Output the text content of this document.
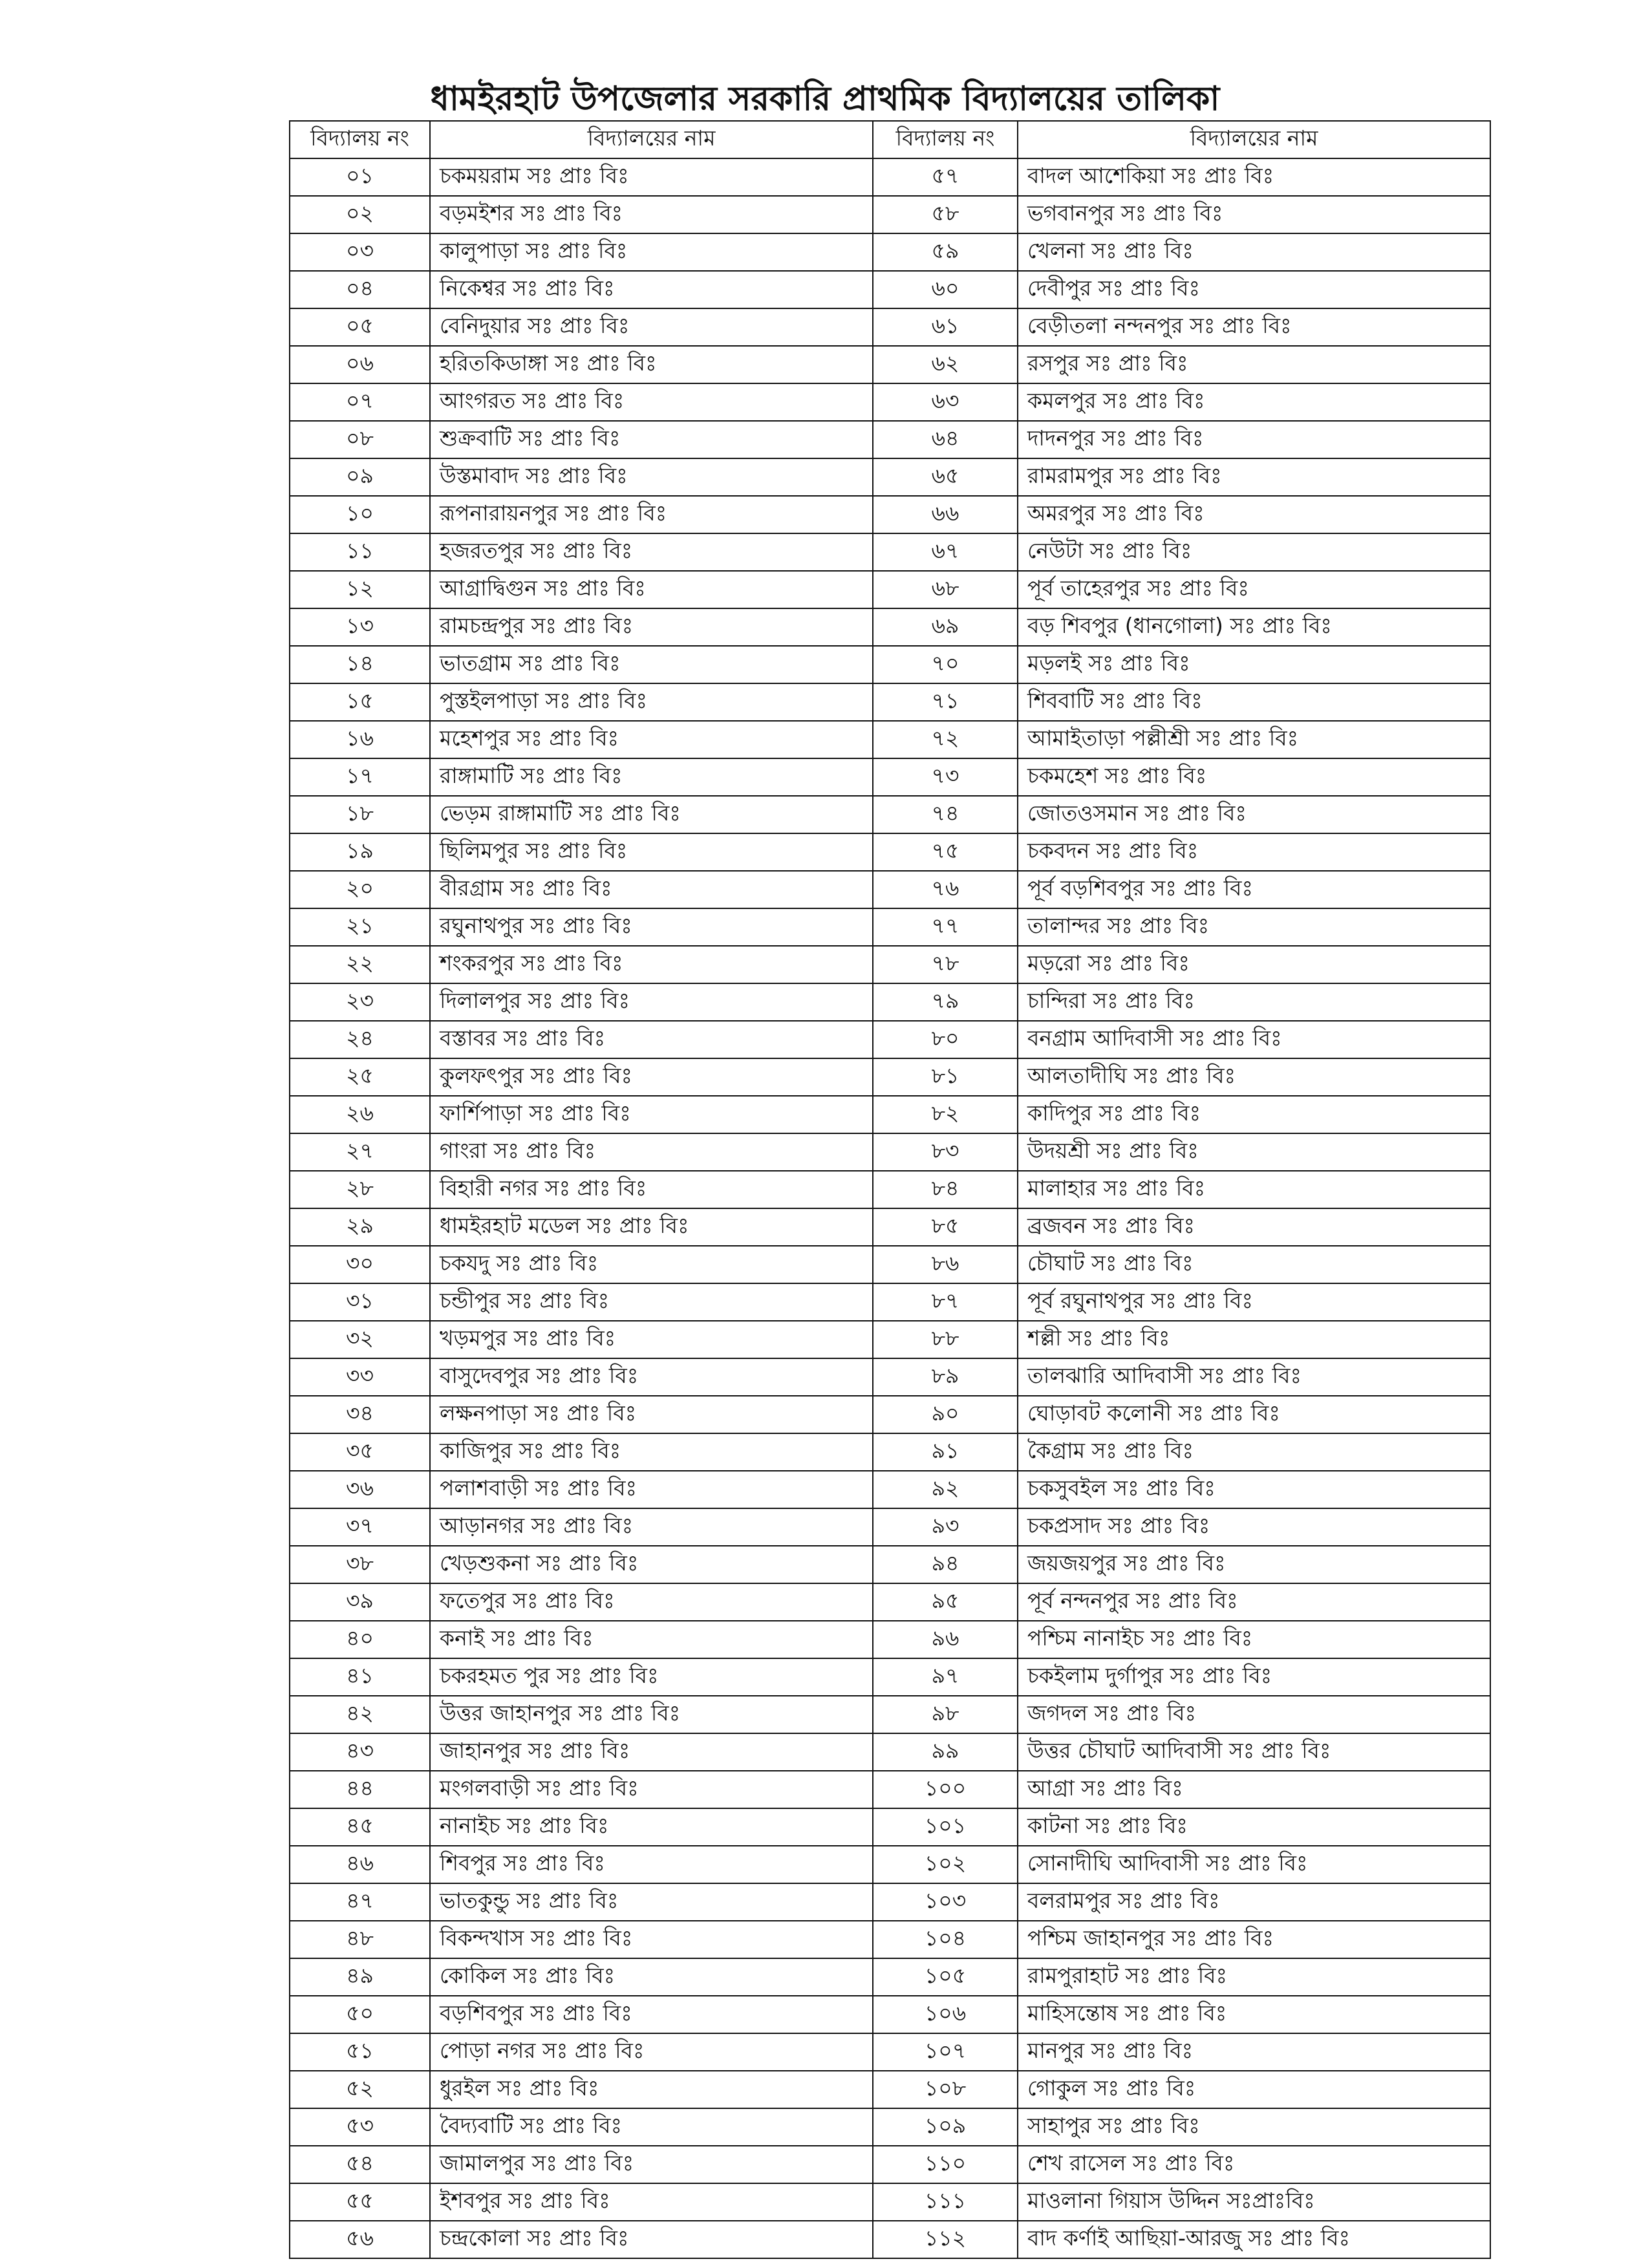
ধামইরহাট উপজেলার সরকারি প্রাথমিক বিদ্যালয়ের তালিকা
বিদ্যালয় নং	বিদ্যালয়ের নাম	বিদ্যালয় নং	বিদ্যালয়ের নাম
০১	চকময়রাম সঃ প্রাঃ বিঃ	৫৭	বাদল আশেকিয়া সঃ প্রাঃ বিঃ
০২	বড়মইশর সঃ প্রাঃ বিঃ	৫৮	ভগবানপুর সঃ প্রাঃ বিঃ
০৩	কালুপাড়া সঃ প্রাঃ বিঃ	৫৯	খেলনা সঃ প্রাঃ বিঃ
০৪	নিকেশ্বর সঃ প্রাঃ বিঃ	৬০	দেবীপুর সঃ প্রাঃ বিঃ
০৫	বেনিদুয়ার সঃ প্রাঃ বিঃ	৬১	বেড়ীতলা নন্দনপুর সঃ প্রাঃ বিঃ
০৬	হরিতকিডাঙ্গা সঃ প্রাঃ বিঃ	৬২	রসপুর সঃ প্রাঃ বিঃ
০৭	আংগরত সঃ প্রাঃ বিঃ	৬৩	কমলপুর সঃ প্রাঃ বিঃ
০৮	শুক্রবাটি সঃ প্রাঃ বিঃ	৬৪	দাদনপুর সঃ প্রাঃ বিঃ
০৯	উস্তমাবাদ সঃ প্রাঃ বিঃ	৬৫	রামরামপুর সঃ প্রাঃ বিঃ
১০	রূপনারায়নপুর সঃ প্রাঃ বিঃ	৬৬	অমরপুর সঃ প্রাঃ বিঃ
১১	হজরতপুর সঃ প্রাঃ বিঃ	৬৭	নেউটা সঃ প্রাঃ বিঃ
১২	আগ্রাদ্বিগুন সঃ প্রাঃ বিঃ	৬৮	পূর্ব তাহেরপুর সঃ প্রাঃ বিঃ
১৩	রামচন্দ্রপুর সঃ প্রাঃ বিঃ	৬৯	বড় শিবপুর (ধানগোলা) সঃ প্রাঃ বিঃ
১৪	ভাতগ্রাম সঃ প্রাঃ বিঃ	৭০	মড়লই সঃ প্রাঃ বিঃ
১৫	পুস্তইলপাড়া সঃ প্রাঃ বিঃ	৭১	শিববাটি সঃ প্রাঃ বিঃ
১৬	মহেশপুর সঃ প্রাঃ বিঃ	৭২	আমাইতাড়া পল্লীশ্রী সঃ প্রাঃ বিঃ
১৭	রাঙ্গামাটি সঃ প্রাঃ বিঃ	৭৩	চকমহেশ সঃ প্রাঃ বিঃ
১৮	ভেড়ম রাঙ্গামাটি সঃ প্রাঃ বিঃ	৭৪	জোতওসমান সঃ প্রাঃ বিঃ
১৯	ছিলিমপুর সঃ প্রাঃ বিঃ	৭৫	চকবদন সঃ প্রাঃ বিঃ
২০	বীরগ্রাম সঃ প্রাঃ বিঃ	৭৬	পূর্ব বড়শিবপুর সঃ প্রাঃ বিঃ
২১	রঘুনাথপুর সঃ প্রাঃ বিঃ	৭৭	তালান্দর সঃ প্রাঃ বিঃ
২২	শংকরপুর সঃ প্রাঃ বিঃ	৭৮	মড়রো সঃ প্রাঃ বিঃ
২৩	দিলালপুর সঃ প্রাঃ বিঃ	৭৯	চান্দিরা সঃ প্রাঃ বিঃ
২৪	বস্তাবর সঃ প্রাঃ বিঃ	৮০	বনগ্রাম আদিবাসী সঃ প্রাঃ বিঃ
২৫	কুলফৎপুর সঃ প্রাঃ বিঃ	৮১	আলতাদীঘি সঃ প্রাঃ বিঃ
২৬	ফার্শিপাড়া সঃ প্রাঃ বিঃ	৮২	কাদিপুর সঃ প্রাঃ বিঃ
২৭	গাংরা সঃ প্রাঃ বিঃ	৮৩	উদয়শ্রী সঃ প্রাঃ বিঃ
২৮	বিহারী নগর সঃ প্রাঃ বিঃ	৮৪	মালাহার সঃ প্রাঃ বিঃ
২৯	ধামইরহাট মডেল সঃ প্রাঃ বিঃ	৮৫	ব্রজবন সঃ প্রাঃ বিঃ
৩০	চকযদু সঃ প্রাঃ বিঃ	৮৬	চৌঘাট সঃ প্রাঃ বিঃ
৩১	চন্ডীপুর সঃ প্রাঃ বিঃ	৮৭	পূর্ব রঘুনাথপুর সঃ প্রাঃ বিঃ
৩২	খড়মপুর সঃ প্রাঃ বিঃ	৮৮	শল্লী সঃ প্রাঃ বিঃ
৩৩	বাসুদেবপুর সঃ প্রাঃ বিঃ	৮৯	তালঝারি আদিবাসী সঃ প্রাঃ বিঃ
৩৪	লক্ষনপাড়া সঃ প্রাঃ বিঃ	৯০	ঘোড়াবট কলোনী সঃ প্রাঃ বিঃ
৩৫	কাজিপুর সঃ প্রাঃ বিঃ	৯১	কৈগ্রাম সঃ প্রাঃ বিঃ
৩৬	পলাশবাড়ী সঃ প্রাঃ বিঃ	৯২	চকসুবইল সঃ প্রাঃ বিঃ
৩৭	আড়ানগর সঃ প্রাঃ বিঃ	৯৩	চকপ্রসাদ সঃ প্রাঃ বিঃ
৩৮	খেড়শুকনা সঃ প্রাঃ বিঃ	৯৪	জয়জয়পুর সঃ প্রাঃ বিঃ
৩৯	ফতেপুর সঃ প্রাঃ বিঃ	৯৫	পূর্ব নন্দনপুর সঃ প্রাঃ বিঃ
৪০	কনাই সঃ প্রাঃ বিঃ	৯৬	পশ্চিম নানাইচ সঃ প্রাঃ বিঃ
৪১	চকরহমত পুর সঃ প্রাঃ বিঃ	৯৭	চকইলাম দুর্গাপুর সঃ প্রাঃ বিঃ
৪২	উত্তর জাহানপুর সঃ প্রাঃ বিঃ	৯৮	জগদল সঃ প্রাঃ বিঃ
৪৩	জাহানপুর সঃ প্রাঃ বিঃ	৯৯	উত্তর চৌঘাট আদিবাসী সঃ প্রাঃ বিঃ
৪৪	মংগলবাড়ী সঃ প্রাঃ বিঃ	১০০	আগ্রা সঃ প্রাঃ বিঃ
৪৫	নানাইচ সঃ প্রাঃ বিঃ	১০১	কাটনা সঃ প্রাঃ বিঃ
৪৬	শিবপুর সঃ প্রাঃ বিঃ	১০২	সোনাদীঘি আদিবাসী সঃ প্রাঃ বিঃ
৪৭	ভাতকুন্ডু সঃ প্রাঃ বিঃ	১০৩	বলরামপুর সঃ প্রাঃ বিঃ
৪৮	বিকন্দখাস সঃ প্রাঃ বিঃ	১০৪	পশ্চিম জাহানপুর সঃ প্রাঃ বিঃ
৪৯	কোকিল সঃ প্রাঃ বিঃ	১০৫	রামপুরাহাট সঃ প্রাঃ বিঃ
৫০	বড়শিবপুর সঃ প্রাঃ বিঃ	১০৬	মাহিসন্তোষ সঃ প্রাঃ বিঃ
৫১	পোড়া নগর সঃ প্রাঃ বিঃ	১০৭	মানপুর সঃ প্রাঃ বিঃ
৫২	ধুরইল সঃ প্রাঃ বিঃ	১০৮	গোকুল সঃ প্রাঃ বিঃ
৫৩	বৈদ্যবাটি সঃ প্রাঃ বিঃ	১০৯	সাহাপুর সঃ প্রাঃ বিঃ
৫৪	জামালপুর সঃ প্রাঃ বিঃ	১১০	শেখ রাসেল সঃ প্রাঃ বিঃ
৫৫	ইশবপুর সঃ প্রাঃ বিঃ	১১১	মাওলানা গিয়াস উদ্দিন সঃপ্রাঃবিঃ
৫৬	চন্দ্রকোলা সঃ প্রাঃ বিঃ	১১২	বাদ কর্ণাই আছিয়া-আরজু সঃ প্রাঃ বিঃ
